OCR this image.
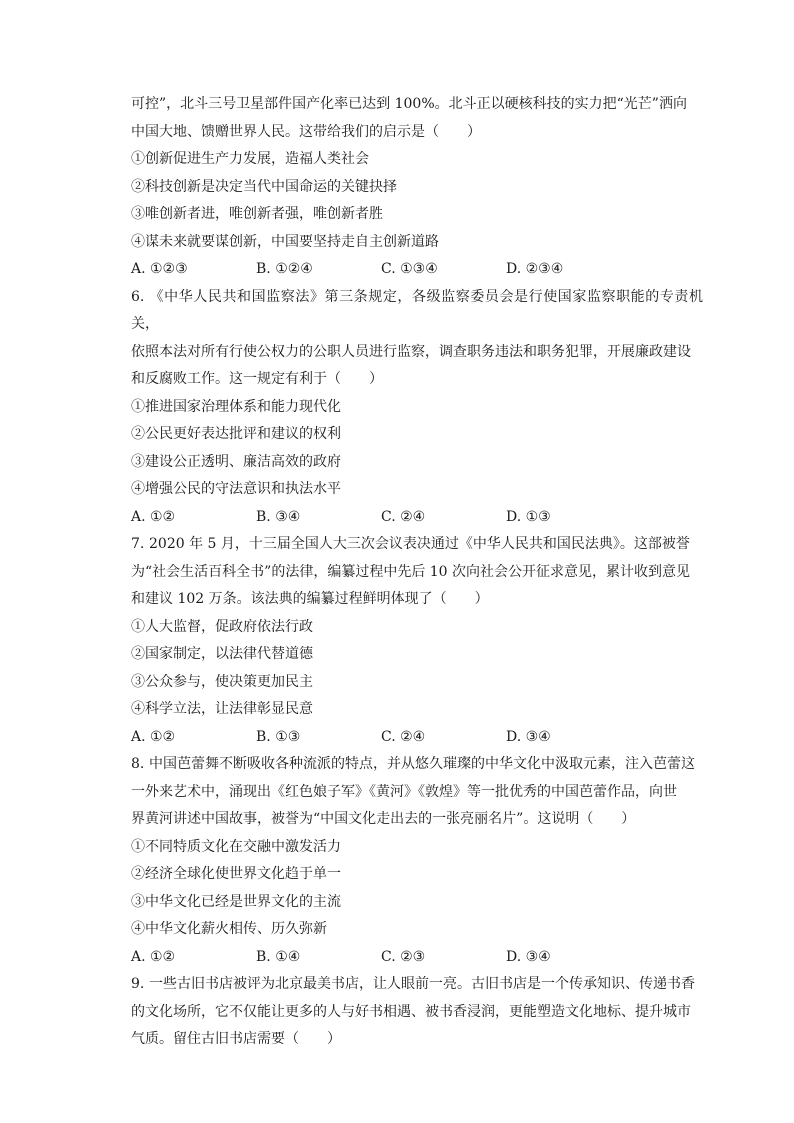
可控”，北斗三号卫星部件国产化率已达到 100%。北斗正以硬核科技的实力把“光芒”洒向

中国大地、馈赠世界人民。这带给我们的启示是（　　）

①创新促进生产力发展，造福人类社会

②科技创新是决定当代中国命运的关键抉择

③唯创新者进，唯创新者强，唯创新者胜

④谋未来就要谋创新，中国要坚持走自主创新道路

A. ①②③	B. ①②④	C. ①③④	D. ②③④

6. 《中华人民共和国监察法》第三条规定，各级监察委员会是行使国家监察职能的专责机关，

依照本法对所有行使公权力的公职人员进行监察，调查职务违法和职务犯罪，开展廉政建设

和反腐败工作。这一规定有利于（　　）

①推进国家治理体系和能力现代化

②公民更好表达批评和建议的权利

③建设公正透明、廉洁高效的政府

④增强公民的守法意识和执法水平

A. ①②	B. ③④	C. ②④	D. ①③

7. 2020 年 5 月，十三届全国人大三次会议表决通过《中华人民共和国民法典》。这部被誉

为“社会生活百科全书”的法律，编纂过程中先后 10 次向社会公开征求意见，累计收到意见

和建议 102 万条。该法典的编纂过程鲜明体现了（　　）

①人大监督，促政府依法行政

②国家制定，以法律代替道德

③公众参与，使决策更加民主

④科学立法，让法律彰显民意

A. ①②	B. ①③	C. ②④	D. ③④

8. 中国芭蕾舞不断吸收各种流派的特点，并从悠久璀璨的中华文化中汲取元素，注入芭蕾这

一外来艺术中，涌现出《红色娘子军》《黄河》《敦煌》等一批优秀的中国芭蕾作品，向世

界黄河讲述中国故事，被誉为“中国文化走出去的一张亮丽名片”。这说明（　　）

①不同特质文化在交融中激发活力

②经济全球化使世界文化趋于单一

③中华文化已经是世界文化的主流

④中华文化薪火相传、历久弥新

A. ①②	B. ①④	C. ②③	D. ③④

9. 一些古旧书店被评为北京最美书店，让人眼前一亮。古旧书店是一个传承知识、传递书香

的文化场所，它不仅能让更多的人与好书相遇、被书香浸润，更能塑造文化地标、提升城市

气质。留住古旧书店需要（　　）
